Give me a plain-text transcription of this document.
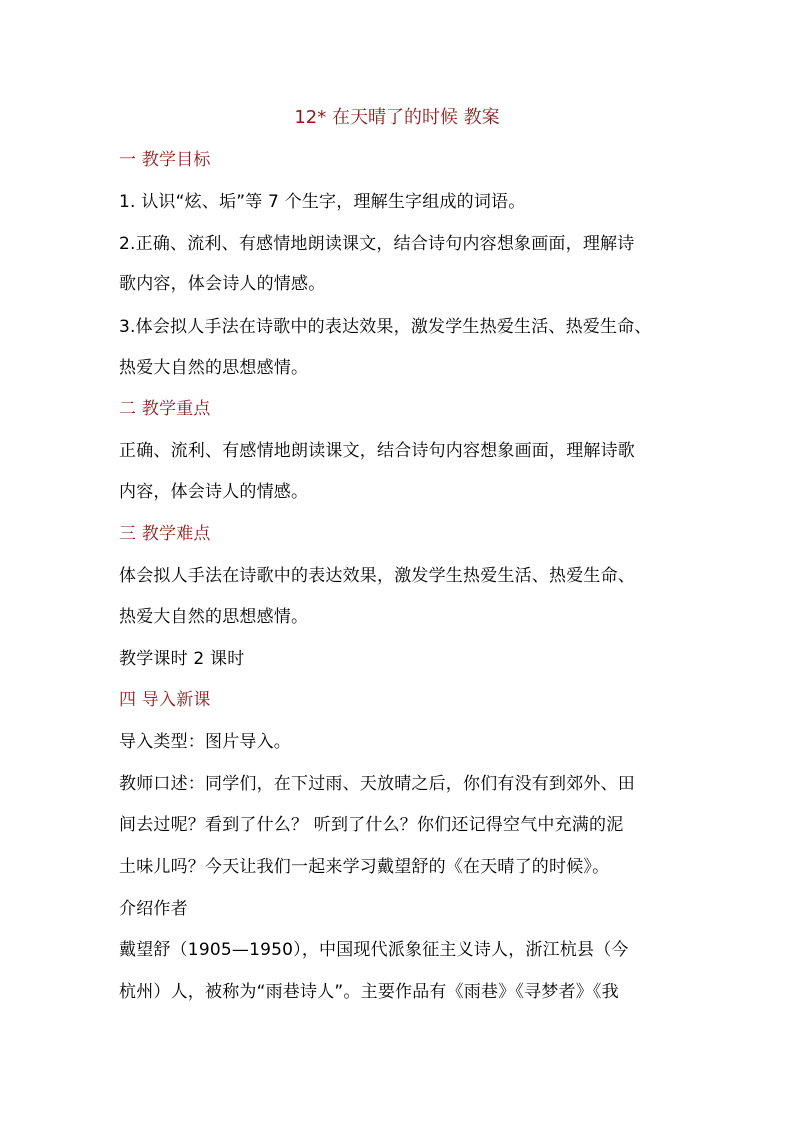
12* 在天晴了的时候 教案
一 教学目标
1. 认识“炫、垢”等 7 个生字，理解生字组成的词语。
2.正确、流利、有感情地朗读课文，结合诗句内容想象画面，理解诗
歌内容，体会诗人的情感。
3.体会拟人手法在诗歌中的表达效果，激发学生热爱生活、热爱生命、
热爱大自然的思想感情。
二 教学重点
正确、流利、有感情地朗读课文，结合诗句内容想象画面，理解诗歌
内容，体会诗人的情感。
三 教学难点
体会拟人手法在诗歌中的表达效果，激发学生热爱生活、热爱生命、
热爱大自然的思想感情。
教学课时 2 课时
四 导入新课
导入类型：图片导入。
教师口述：同学们，在下过雨、天放晴之后，你们有没有到郊外、田
间去过呢？看到了什么？ 听到了什么？你们还记得空气中充满的泥
土味儿吗？今天让我们一起来学习戴望舒的《在天晴了的时候》。
介绍作者
戴望舒（1905—1950），中国现代派象征主义诗人，浙江杭县（今
杭州）人，被称为“雨巷诗人”。主要作品有《雨巷》《寻梦者》《我
